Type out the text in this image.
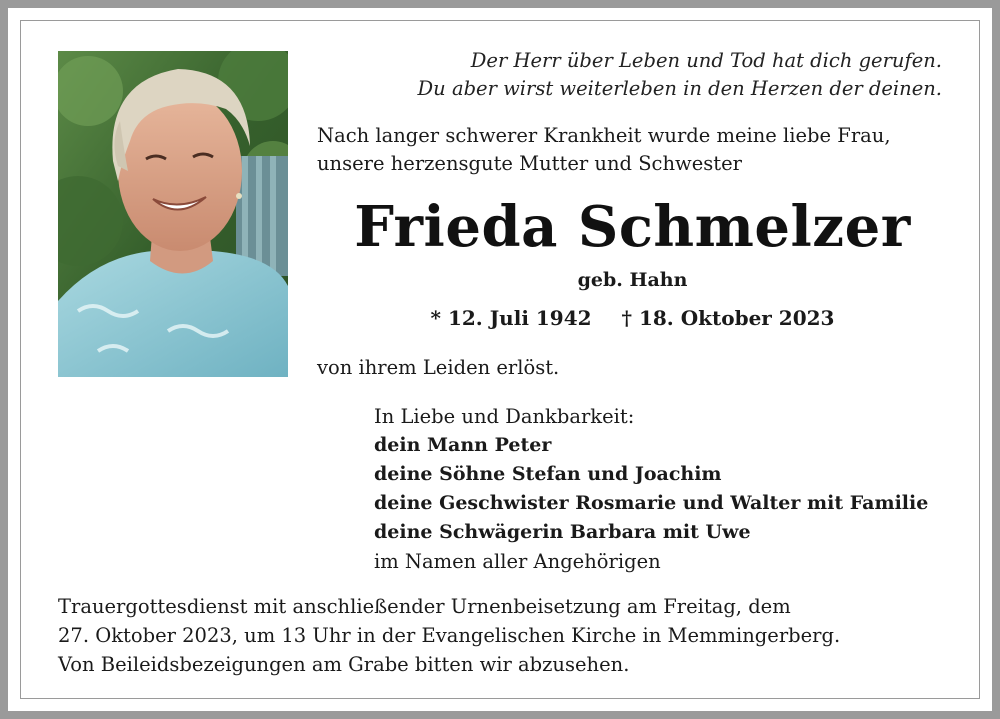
Der Herr über Leben und Tod hat dich gerufen.
Du aber wirst weiterleben in den Herzen der deinen.
Nach langer schwerer Krankheit wurde meine liebe Frau,
unsere herzensgute Mutter und Schwester
Frieda Schmelzer
geb. Hahn
* 12. Juli 1942 † 18. Oktober 2023
von ihrem Leiden erlöst.
In Liebe und Dankbarkeit:
dein Mann Peter
deine Söhne Stefan und Joachim
deine Geschwister Rosmarie und Walter mit Familie
deine Schwägerin Barbara mit Uwe
im Namen aller Angehörigen
Trauergottesdienst mit anschließender Urnenbeisetzung am Freitag, dem
27. Oktober 2023, um 13 Uhr in der Evangelischen Kirche in Memmingerberg.
Von Beileidsbezeigungen am Grabe bitten wir abzusehen.
